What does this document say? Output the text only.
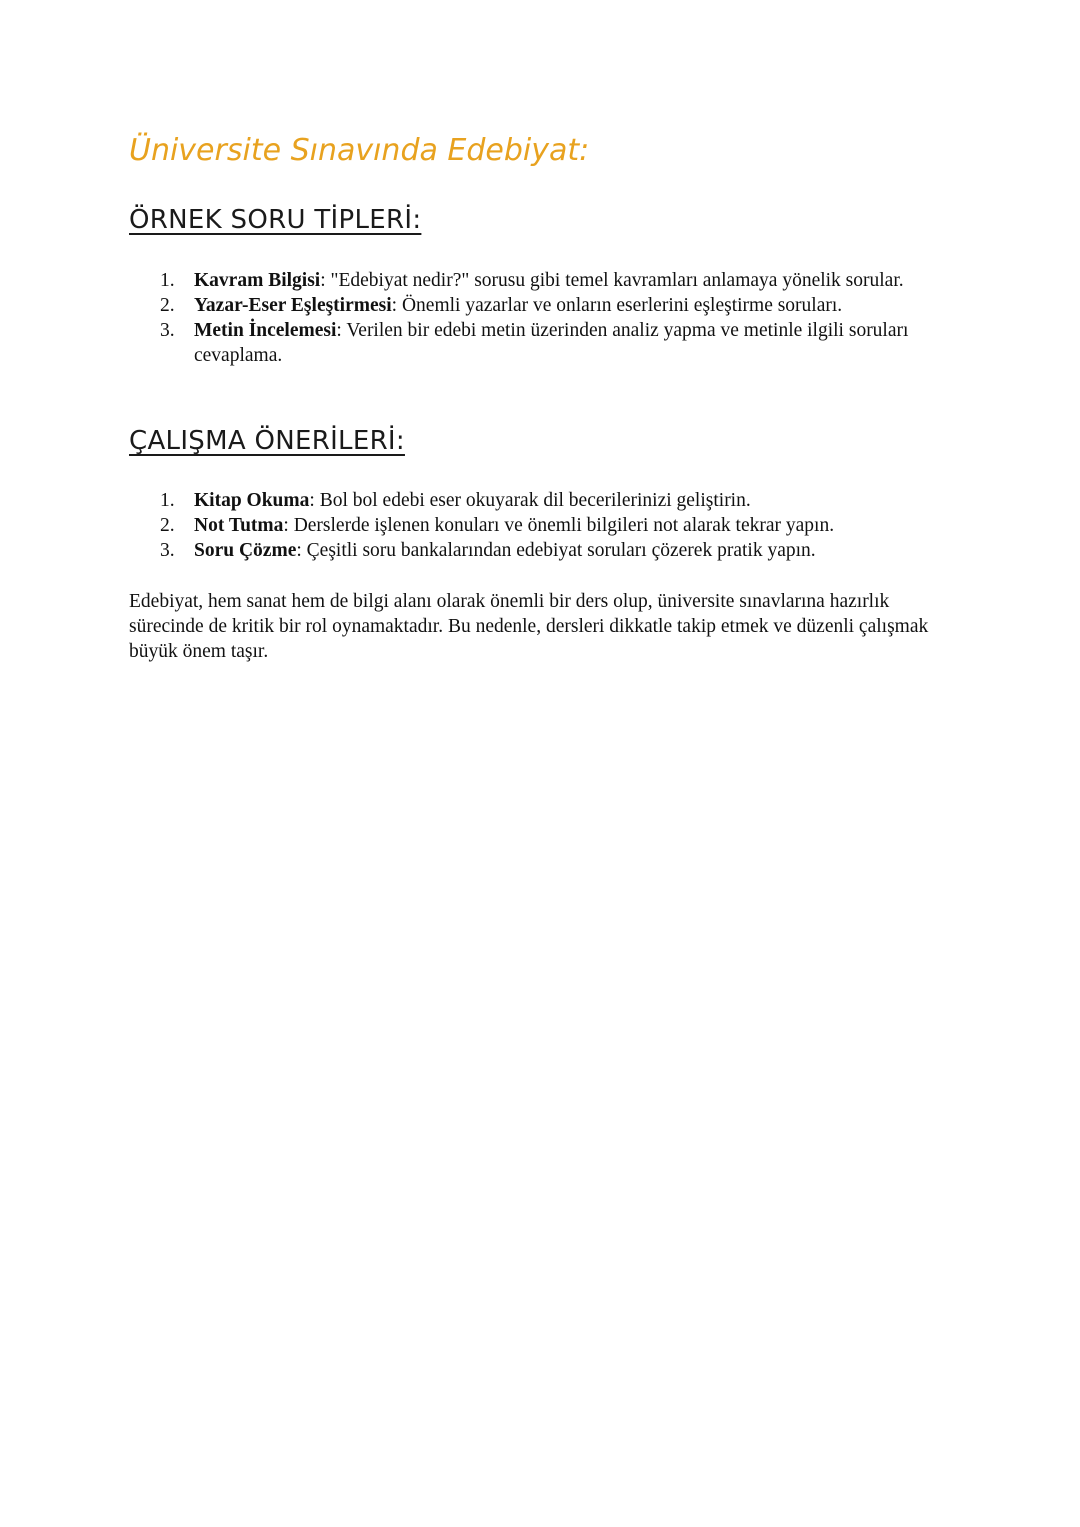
Üniversite Sınavında Edebiyat:
ÖRNEK SORU TİPLERİ:
1. Kavram Bilgisi: "Edebiyat nedir?" sorusu gibi temel kavramları anlamaya yönelik sorular.
2. Yazar-Eser Eşleştirmesi: Önemli yazarlar ve onların eserlerini eşleştirme soruları.
3. Metin İncelemesi: Verilen bir edebi metin üzerinden analiz yapma ve metinle ilgili soruları cevaplama.
ÇALIŞMA ÖNERİLERİ:
1. Kitap Okuma: Bol bol edebi eser okuyarak dil becerilerinizi geliştirin.
2. Not Tutma: Derslerde işlenen konuları ve önemli bilgileri not alarak tekrar yapın.
3. Soru Çözme: Çeşitli soru bankalarından edebiyat soruları çözerek pratik yapın.

Edebiyat, hem sanat hem de bilgi alanı olarak önemli bir ders olup, üniversite sınavlarına hazırlık sürecinde de kritik bir rol oynamaktadır. Bu nedenle, dersleri dikkatle takip etmek ve düzenli çalışmak büyük önem taşır.
